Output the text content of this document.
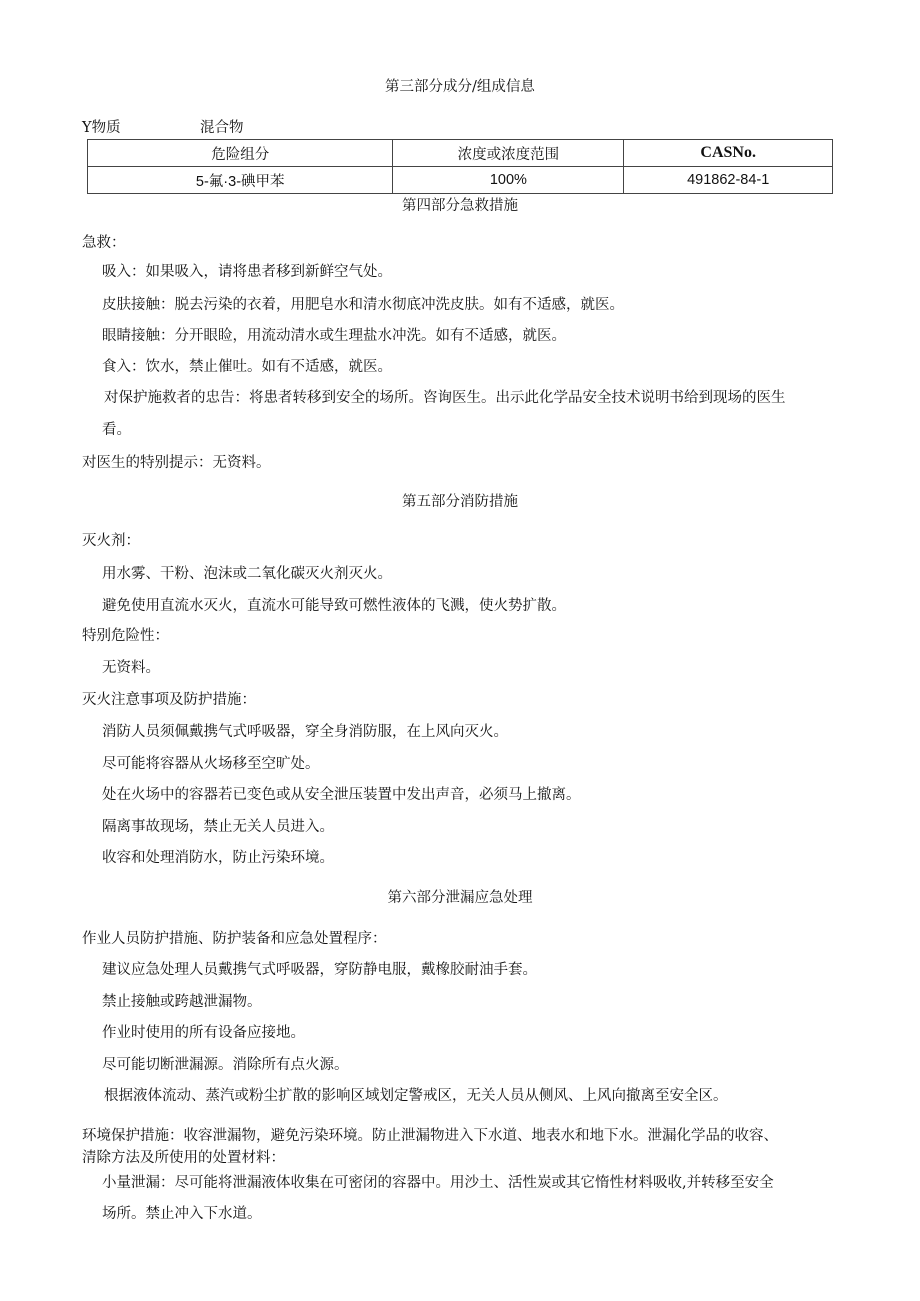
第三部分成分/组成信息
Y物质	混合物
危险组分	浓度或浓度范围	CASNo.
5-氟·3-碘甲苯	100%	491862-84-1
第四部分急救措施
第五部分消防措施
第六部分泄漏应急处理
急救：
吸入：如果吸入，请将患者移到新鲜空气处。
皮肤接触：脱去污染的衣着，用肥皂水和清水彻底冲洗皮肤。如有不适感，就医。
眼睛接触：分开眼睑，用流动清水或生理盐水冲洗。如有不适感，就医。
食入：饮水，禁止催吐。如有不适感，就医。
对保护施救者的忠告：将患者转移到安全的场所。咨询医生。出示此化学品安全技术说明书给到现场的医生
看。
对医生的特别提示：无资料。
灭火剂：
用水雾、干粉、泡沫或二氧化碳灭火剂灭火。
避免使用直流水灭火，直流水可能导致可燃性液体的飞溅，使火势扩散。
特别危险性：
无资料。
灭火注意事项及防护措施：
消防人员须佩戴携气式呼吸器，穿全身消防服，在上风向灭火。
尽可能将容器从火场移至空旷处。
处在火场中的容器若已变色或从安全泄压装置中发出声音，必须马上撤离。
隔离事故现场，禁止无关人员进入。
收容和处理消防水，防止污染环境。
作业人员防护措施、防护装备和应急处置程序：
建议应急处理人员戴携气式呼吸器，穿防静电服，戴橡胶耐油手套。
禁止接触或跨越泄漏物。
作业时使用的所有设备应接地。
尽可能切断泄漏源。消除所有点火源。
根据液体流动、蒸汽或粉尘扩散的影响区域划定警戒区，无关人员从侧风、上风向撤离至安全区。
环境保护措施：收容泄漏物，避免污染环境。防止泄漏物进入下水道、地表水和地下水。泄漏化学品的收容、
清除方法及所使用的处置材料：
小量泄漏：尽可能将泄漏液体收集在可密闭的容器中。用沙土、活性炭或其它惰性材料吸收,并转移至安全
场所。禁止冲入下水道。
